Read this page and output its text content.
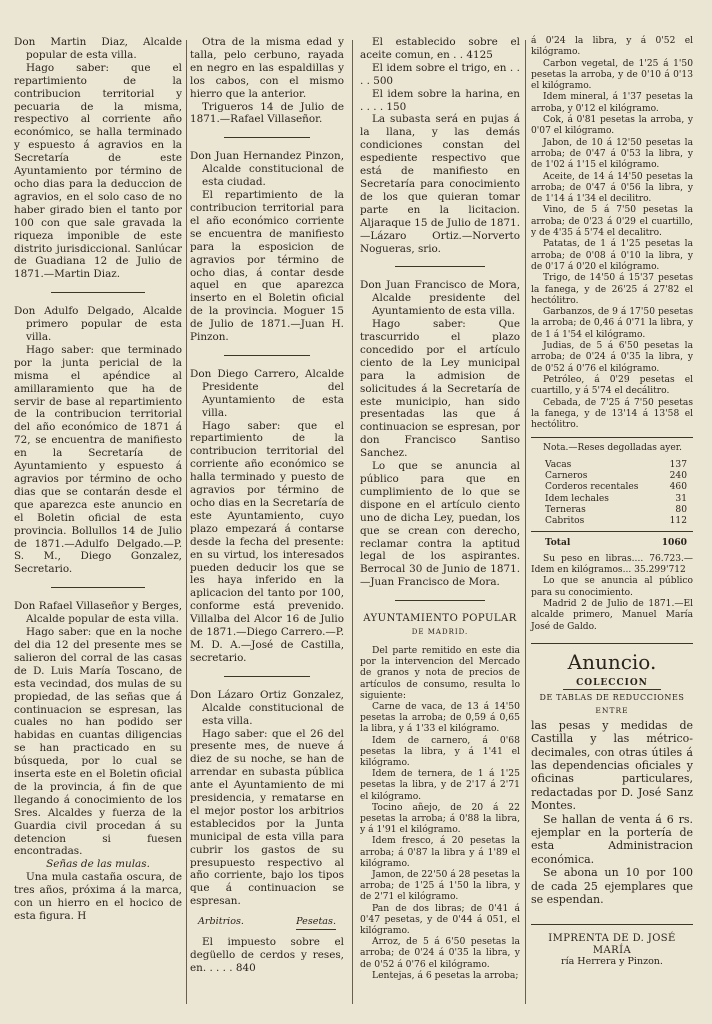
Don Martin Diaz, Alcalde popular de esta villa.

Hago saber: que el repartimiento de la contribucion territorial y pecuaria de la misma, respectivo al corriente año económico, se halla terminado y espuesto á agravios en la Secretaría de este Ayuntamiento por término de ocho dias para la deduccion de agravios, en el solo caso de no haber girado bien el tanto por 100 con que sale gravada la riqueza imponible de este distrito jurisdiccional. Sanlúcar de Guadiana 12 de Julio de 1871.—Martin Diaz.

Don Adulfo Delgado, Alcalde primero popular de esta villa.

Hago saber: que terminado por la junta pericial de la misma el apéndice al amillaramiento que ha de servir de base al repartimiento de la contribucion territorial del año económico de 1871 á 72, se encuentra de manifiesto en la Secretaría de Ayuntamiento y espuesto á agravios por término de ocho dias que se contarán desde el que aparezca este anuncio en el Boletin oficial de esta provincia. Bollullos 14 de Julio de 1871.—Adulfo Delgado.—P. S. M., Diego Gonzalez, Secretario.

Don Rafael Villaseñor y Berges, Alcalde popular de esta villa.

Hago saber: que en la noche del dia 12 del presente mes se salieron del corral de las casas de D. Luis María Toscano, de esta vecindad, dos mulas de su propiedad, de las señas que á continuacion se espresan, las cuales no han podido ser habidas en cuantas diligencias se han practicado en su búsqueda, por lo cual se inserta este en el Boletin oficial de la provincia, á fin de que llegando á conocimiento de los Sres. Alcaldes y fuerza de la Guardia civil procedan á su detencion si fuesen encontradas.

Señas de las mulas.

Una mula castaña oscura, de tres años, próxima á la marca, con un hierro en el hocico de esta figura. H

Otra de la misma edad y talla, pelo cerbuno, rayada en negro en las espaldillas y los cabos, con el mismo hierro que la anterior.

Trigueros 14 de Julio de 1871.—Rafael Villaseñor.

Don Juan Hernandez Pinzon, Alcalde constitucional de esta ciudad.

El repartimiento de la contribucion territorial para el año económico corriente se encuentra de manifiesto para la esposicion de agravios por término de ocho dias, á contar desde aquel en que aparezca inserto en el Boletin oficial de la provincia. Moguer 15 de Julio de 1871.—Juan H. Pinzon.

Don Diego Carrero, Alcalde Presidente del Ayuntamiento de esta villa.

Hago saber: que el repartimiento de la contribucion territorial del corriente año económico se halla terminado y puesto de agravios por término de ocho dias en la Secretaría de este Ayuntamiento, cuyo plazo empezará á contarse desde la fecha del presente: en su virtud, los interesados pueden deducir los que se les haya inferido en la aplicacion del tanto por 100, conforme está prevenido. Villalba del Alcor 16 de Julio de 1871.—Diego Carrero.—P. M. D. A.—José de Castilla, secretario.

Don Lázaro Ortiz Gonzalez, Alcalde constitucional de esta villa.

Hago saber: que el 26 del presente mes, de nueve á diez de su noche, se han de arrendar en subasta pública ante el Ayuntamiento de mi presidencia, y rematarse en el mejor postor los arbitrios establecidos por la Junta municipal de esta villa para cubrir los gastos de su presupuesto respectivo al año corriente, bajo los tipos que á continuacion se espresan.

Arbitrios.	Pesetas.

El impuesto sobre el degüello de cerdos y reses, en. . . . . 840

El establecido sobre el aceite comun, en . . 4125

El idem sobre el trigo, en . . . . 500

El idem sobre la harina, en . . . . 150

La subasta será en pujas á la llana, y las demás condiciones constan del espediente respectivo que está de manifiesto en Secretaría para conocimiento de los que quieran tomar parte en la licitacion. Aljaraque 15 de Julio de 1871.—Lázaro Ortiz.—Norverto Nogueras, srio.

Don Juan Francisco de Mora, Alcalde presidente del Ayuntamiento de esta villa.

Hago saber: Que trascurrido el plazo concedido por el artículo ciento de la Ley municipal para la admision de solicitudes á la Secretaría de este municipio, han sido presentadas las que á continuacion se espresan, por don Francisco Santiso Sanchez.

Lo que se anuncia al público para que en cumplimiento de lo que se dispone en el artículo ciento uno de dicha Ley, puedan, los que se crean con derecho, reclamar contra la aptitud legal de los aspirantes. Berrocal 30 de Junio de 1871.—Juan Francisco de Mora.

AYUNTAMIENTO POPULAR
DE MADRID.

Del parte remitido en este dia por la intervencion del Mercado de granos y nota de precios de artículos de consumo, resulta lo siguiente:

Carne de vaca, de 13 á 14'50 pesetas la arroba; de 0,59 á 0,65 la libra, y á 1'33 el kilógramo.

Idem de carnero, á 0'68 pesetas la libra, y á 1'41 el kilógramo.

Idem de ternera, de 1 á 1'25 pesetas la libra, y de 2'17 á 2'71 el kilógramo.

Tocino añejo, de 20 á 22 pesetas la arroba; á 0'88 la libra, y á 1'91 el kilógramo.

Idem fresco, á 20 pesetas la arroba; á 0'87 la libra y á 1'89 el kilógramo.

Jamon, de 22'50 á 28 pesetas la arroba; de 1'25 á 1'50 la libra, y de 2'71 el kilógramo.

Pan de dos libras; de 0'41 á 0'47 pesetas, y de 0'44 á 051, el kilógramo.

Arroz, de 5 á 6'50 pesetas la arroba; de 0'24 á 0'35 la libra, y de 0'52 á 0'76 el kilógramo.

Lentejas, á 6 pesetas la arroba;

á 0'24 la libra, y á 0'52 el kilógramo.

Carbon vegetal, de 1'25 á 1'50 pesetas la arroba, y de 0'10 á 0'13 el kilógramo.

Idem mineral, á 1'37 pesetas la arroba, y 0'12 el kilógramo.

Cok, á 0'81 pesetas la arroba, y 0'07 el kilógramo.

Jabon, de 10 á 12'50 pesetas la arroba; de 0'47 á 0'53 la libra, y de 1'02 á 1'15 el kilógramo.

Aceite, de 14 á 14'50 pesetas la arroba; de 0'47 á 0'56 la libra, y de 1'14 á 1'34 el decilitro.

Vino, de 5 á 7'50 pesetas la arroba; de 0'23 á 0'29 el cuartillo, y de 4'35 á 5'74 el decalitro.

Patatas, de 1 á 1'25 pesetas la arroba; de 0'08 á 0'10 la libra, y de 0'17 á 0'20 el kilógramo.

Trigo, de 14'50 á 15'37 pesetas la fanega, y de 26'25 á 27'82 el hectólitro.

Garbanzos, de 9 á 17'50 pesetas la arroba; de 0,46 á 0'71 la libra, y de 1 á 1'54 el kilógramo.

Judias, de 5 á 6'50 pesetas la arroba; de 0'24 á 0'35 la libra, y de 0'52 á 0'76 el kilógramo.

Petróleo, á 0'29 pesetas el cuartillo, y á 5'74 el decálitro.

Cebada, de 7'25 á 7'50 pesetas la fanega, y de 13'14 á 13'58 el hectólitro.

Nota.—Reses degolladas ayer.

Vacas	137
Carneros	240
Corderos recentales	460
Idem lechales	31
Terneras	80
Cabritos	112
Total	1060

Su peso en libras.... 76.723.— Idem en kilógramos... 35.299'712

Lo que se anuncia al público para su conocimiento.

Madrid 2 de Julio de 1871.—El alcalde primero, Manuel María José de Galdo.

Anuncio.
COLECCION
DE TABLAS DE REDUCCIONES
ENTRE

las pesas y medidas de Castilla y las métrico-decimales, con otras útiles á las dependencias oficiales y oficinas particulares, redactadas por D. José Sanz Montes.

Se hallan de venta á 6 rs. ejemplar en la portería de esta Administracion económica.

Se abona un 10 por 100 de cada 25 ejemplares que se espendan.

IMPRENTA DE D. JOSÉ MARÍA
ría Herrera y Pinzon.
